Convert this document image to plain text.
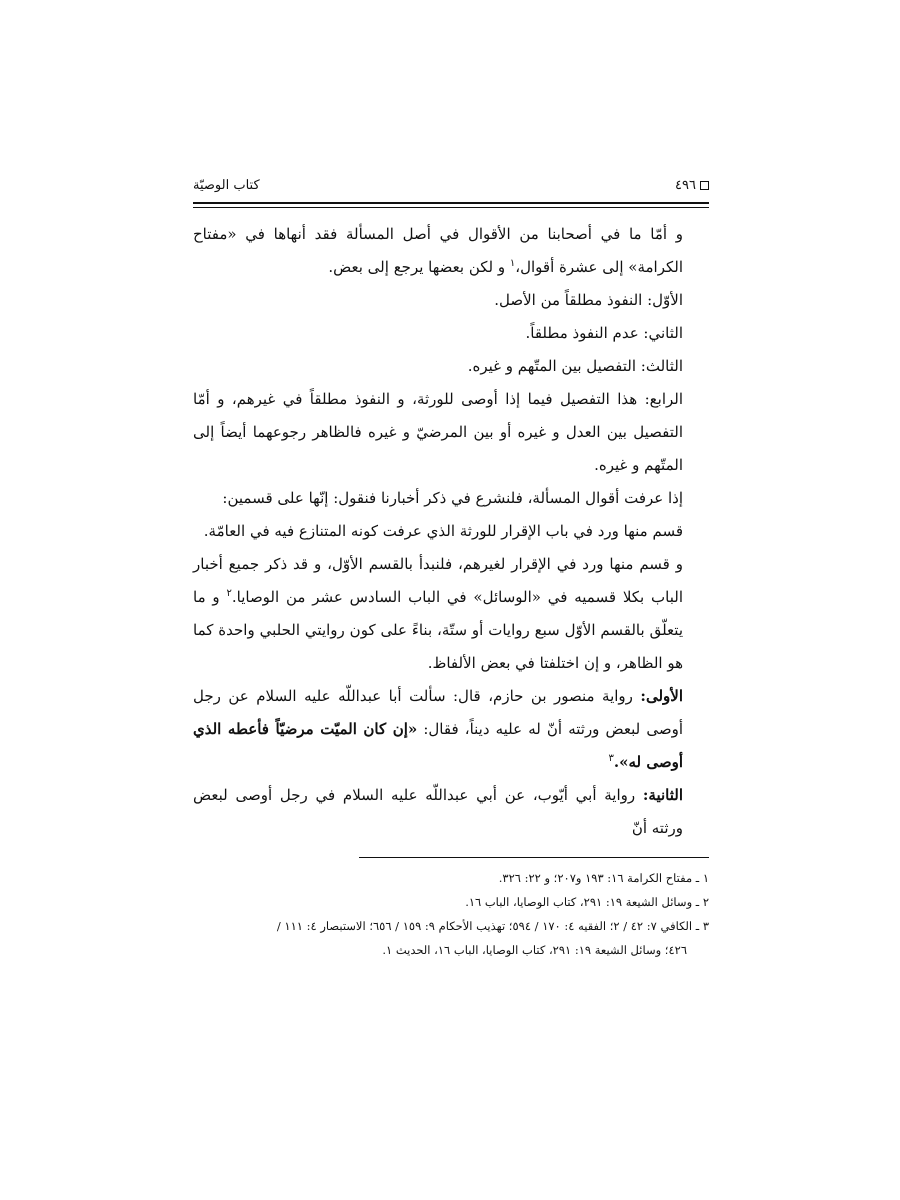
كتاب الوصيّة	٤٩٦

و أمّا ما في أصحابنا من الأقوال في أصل المسألة فقد أنهاها في «مفتاح الكرامة» إلى عشرة أقوال،$^١$ و لكن بعضها يرجع إلى بعض.

الأوّل: النفوذ مطلقاً من الأصل.

الثاني: عدم النفوذ مطلقاً.

الثالث: التفصيل بين المتّهم و غيره.

الرابع: هذا التفصيل فيما إذا أوصى للورثة، و النفوذ مطلقاً في غيرهم، و أمّا التفصيل بين العدل و غيره أو بين المرضيّ و غيره فالظاهر رجوعهما أيضاً إلى المتّهم و غيره.

إذا عرفت أقوال المسألة، فلنشرع في ذكر أخبارنا فنقول: إنّها على قسمين:

قسم منها ورد في باب الإقرار للورثة الذي عرفت كونه المتنازع فيه في العامّة.

و قسم منها ورد في الإقرار لغيرهم، فلنبدأ بالقسم الأوّل، و قد ذكر جميع أخبار الباب بكلا قسميه في «الوسائل» في الباب السادس عشر من الوصايا.$^٢$ و ما يتعلّق بالقسم الأوّل سبع روايات أو ستّة، بناءً على كون روايتي الحلبي واحدة كما هو الظاهر، و إن اختلفتا في بعض الألفاظ.

الأولى: رواية منصور بن حازم، قال: سألت أبا عبداللّه عليه السلام عن رجل أوصى لبعض ورثته أنّ له عليه ديناً، فقال: «إن كان الميّت مرضيّاً فأعطه الذي أوصى له».$^٣$

الثانية: رواية أبي أيّوب، عن أبي عبداللّه عليه السلام في رجل أوصى لبعض ورثته أنّ

١ ـ مفتاح الكرامة ١٦: ١٩٣ و٢٠٧؛ و ٢٢: ٣٢٦.

٢ ـ وسائل الشيعة ١٩: ٢٩١، كتاب الوصايا، الباب ١٦.

٣ ـ الكافي ٧: ٤٢ / ٢؛ الفقيه ٤: ١٧٠ / ٥٩٤؛ تهذيب الأحكام ٩: ١٥٩ / ٦٥٦؛ الاستبصار ٤: ١١١ /

٤٢٦؛ وسائل الشيعة ١٩: ٢٩١، كتاب الوصايا، الباب ١٦، الحديث ١.
